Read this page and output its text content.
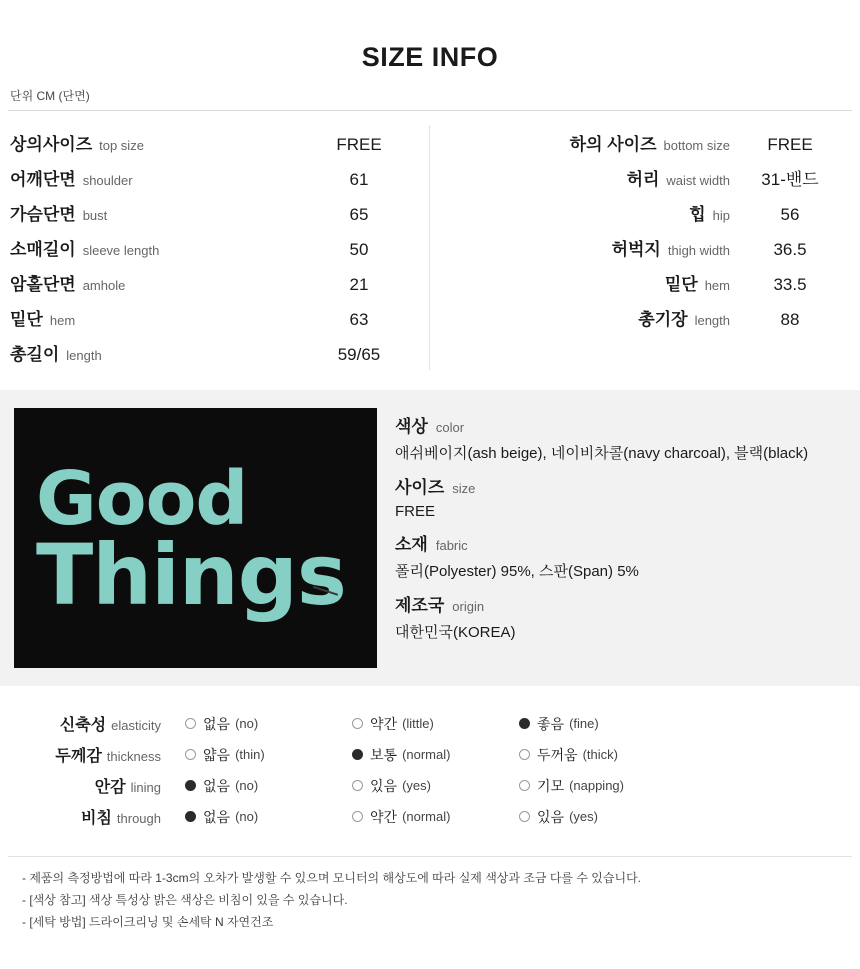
SIZE INFO
단위 CM (단면)
상의사이즈 top size	FREE
어깨단면 shoulder	61
가슴단면 bust	65
소매길이 sleeve length	50
암홀단면 amhole	21
밑단 hem	63
총길이 length	59/65
하의 사이즈 bottom size	FREE
허리 waist width	31-밴드
힙 hip	56
허벅지 thigh width	36.5
밑단 hem	33.5
총기장 length	88
Good
Things
색상 color
애쉬베이지(ash beige), 네이비차콜(navy charcoal), 블랙(black)
사이즈 size
FREE
소재 fabric
폴리(Polyester) 95%, 스판(Span) 5%
제조국 origin
대한민국(KOREA)
신축성 elasticity	없음 (no)	약간 (little)	좋음 (fine)
두께감 thickness	얇음 (thin)	보통 (normal)	두꺼움 (thick)
안감 lining	없음 (no)	있음 (yes)	기모 (napping)
비침 through	없음 (no)	약간 (normal)	있음 (yes)
- 제품의 측정방법에 따라 1-3cm의 오차가 발생할 수 있으며 모니터의 해상도에 따라 실제 색상과 조금 다를 수 있습니다.
- [색상 참고] 색상 특성상 밝은 색상은 비침이 있을 수 있습니다.
- [세탁 방법] 드라이크리닝 및 손세탁 N 자연건조
